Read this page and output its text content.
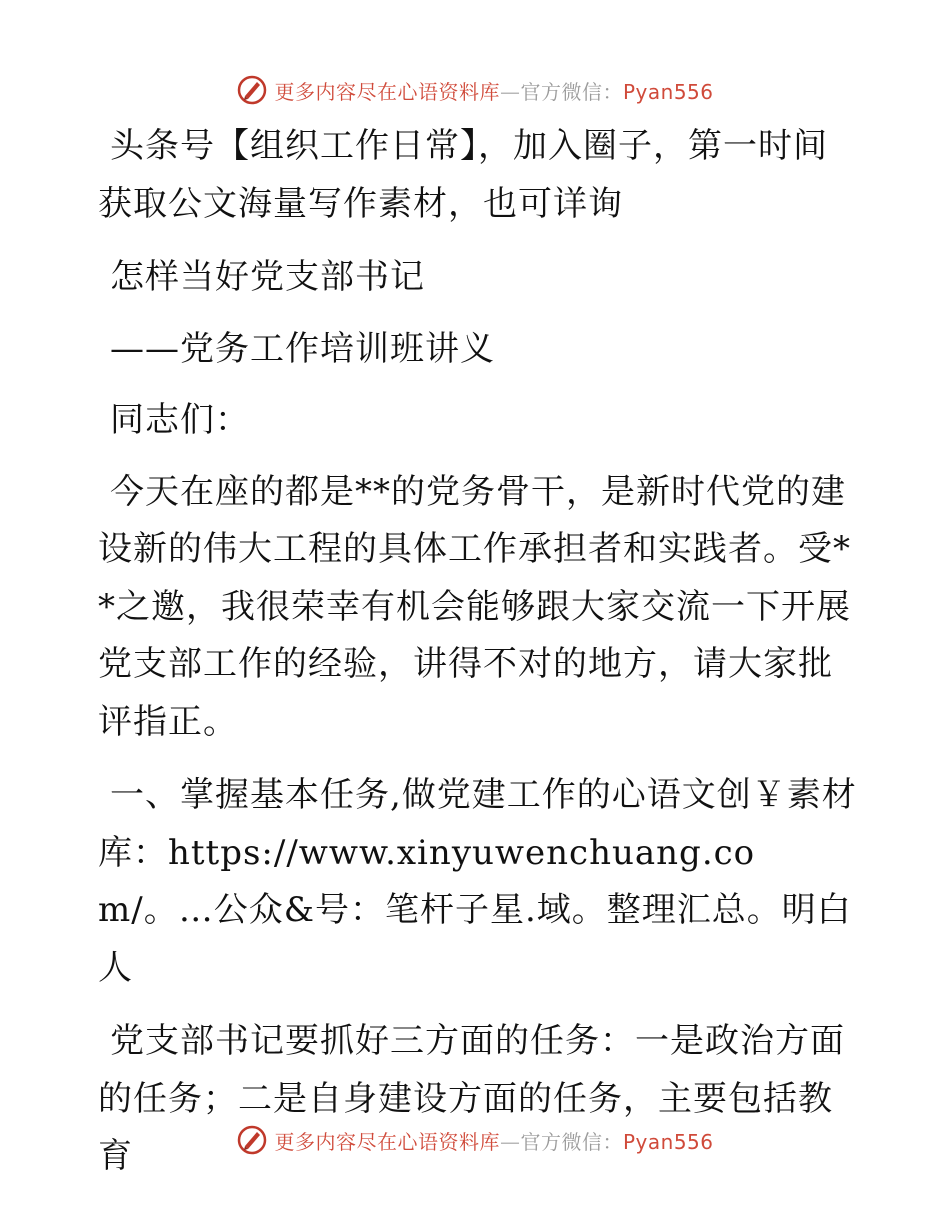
更多内容尽在心语资料库—官方微信：Pyan556

头条号【组织工作日常】，加入圈子，第一时间获取公文海量写作素材，也可详询

怎样当好党支部书记

——党务工作培训班讲义

同志们：

今天在座的都是**的党务骨干，是新时代党的建设新的伟大工程的具体工作承担者和实践者。受**之邀，我很荣幸有机会能够跟大家交流一下开展党支部工作的经验，讲得不对的地方，请大家批评指正。

一、掌握基本任务,做党建工作的心语文创￥素材库：https://www.xinyuwenchuang.com/。…公众&号：笔杆子星.域。整理汇总。明白人

党支部书记要抓好三方面的任务：一是政治方面的任务；二是自身建设方面的任务，主要包括教育	更多内容尽在心语资料库—官方微信：Pyan556
